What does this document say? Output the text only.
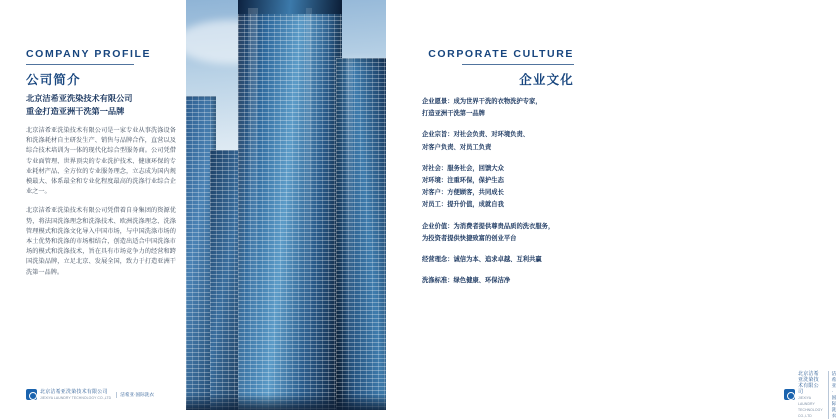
COMPANY PROFILE
公司简介
北京洁希亚洗染技术有限公司
重金打造亚洲干洗第一品牌

北京洁希亚洗染技术有限公司是一家专业从事洗涤设备和洗涤耗材自主研发生产、销售与品牌合作，直营以及综合技术培训为一体的现代化综合型服务商。公司凭借专业面管理、世界顶尖的专业洗护技术、健康环保的专业耗材产品、全方位的专业服务理念，立志成为国内规模最大、体系最全和专业化程度最高的洗涤行业综合企业之一。

北京洁希亚洗染技术有限公司凭借着自身集团的资源优势，将法国洗涤理念和洗涤技术、欧洲洗涤理念、洗涤管理模式和洗涤文化导入中国市场，与中国洗涤市场的本土优势和洗涤的市场相结合，创造出适合中国洗涤市场的模式和洗涤技术，旨在具有市场竞争力的经营和跨国洗染品牌，立足北京、发展全国，致力于打造亚洲干洗第一品牌。

北京洁希亚洗染技术有限公司
JIEXIYA LAUNDRY TECHNOLOGY CO.,LTD
洁希亚·国际洗衣
CORPORATE CULTURE
企业文化
企业愿景：成为世界干洗的衣物洗护专家，
打造亚洲干洗第一品牌
企业宗旨：对社会负责、对环境负责、
对客户负责、对员工负责
对社会：服务社会，回馈大众
对环境：注重环保，保护生态
对客户：方便顾客，共同成长
对员工：提升价值，成就自我
企业价值：为消费者提供尊贵品质的洗衣服务，
为投资者提供快捷致富的创业平台
经营理念：诚信为本、追求卓越、互利共赢
洗涤标准：绿色健康、环保洁净
北京洁希亚洗染技术有限公司
JIEXIYA LAUNDRY TECHNOLOGY CO.,LTD
洁希亚·国际洗衣
